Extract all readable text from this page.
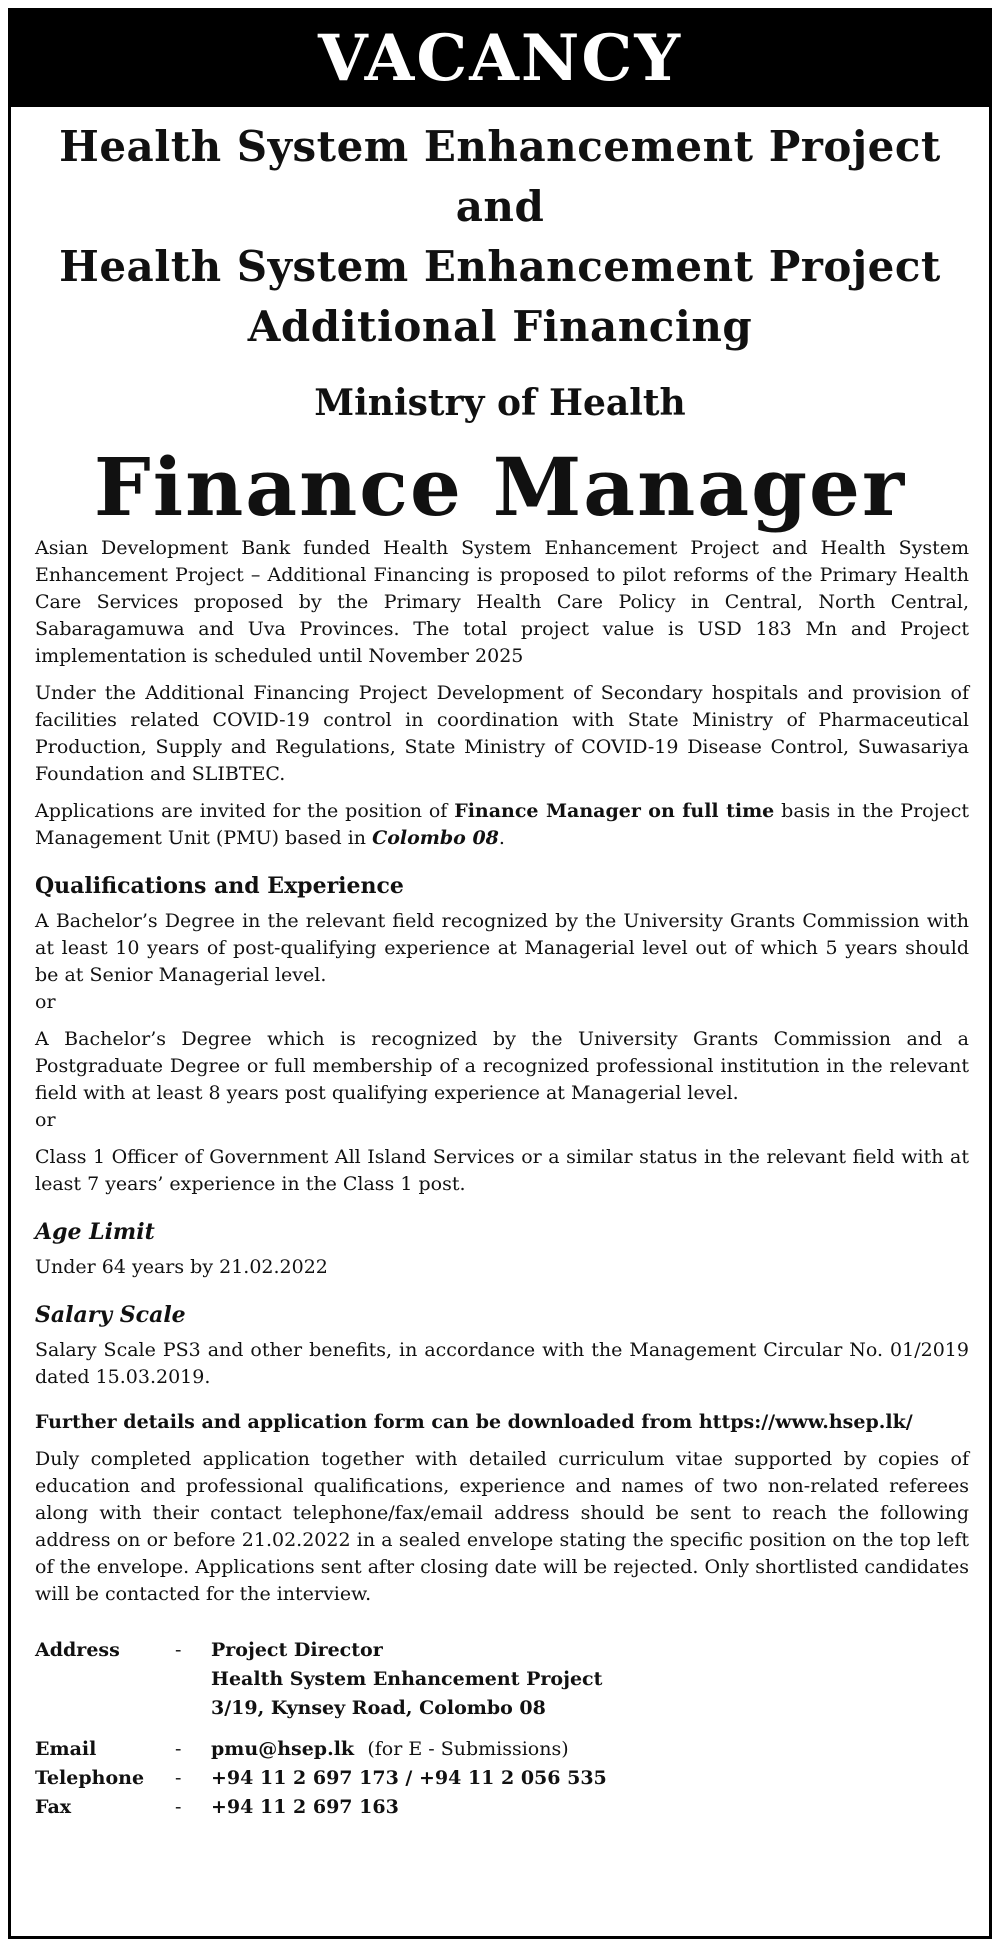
VACANCY
Health System Enhancement Project
and
Health System Enhancement Project
Additional Financing
Ministry of Health
Finance Manager

Asian Development Bank funded Health System Enhancement Project and Health System Enhancement Project – Additional Financing is proposed to pilot reforms of the Primary Health Care Services proposed by the Primary Health Care Policy in Central, North Central, Sabaragamuwa and Uva Provinces. The total project value is USD 183 Mn and Project implementation is scheduled until November 2025

Under the Additional Financing Project Development of Secondary hospitals and provision of facilities related COVID-19 control in coordination with State Ministry of Pharmaceutical Production, Supply and Regulations, State Ministry of COVID-19 Disease Control, Suwasariya Foundation and SLIBTEC.

Applications are invited for the position of Finance Manager on full time basis in the Project Management Unit (PMU) based in Colombo 08.

Qualifications and Experience

A Bachelor’s Degree in the relevant field recognized by the University Grants Commission with at least 10 years of post-qualifying experience at Managerial level out of which 5 years should be at Senior Managerial level.

or

A Bachelor’s Degree which is recognized by the University Grants Commission and a Postgraduate Degree or full membership of a recognized professional institution in the relevant field with at least 8 years post qualifying experience at Managerial level.

or

Class 1 Officer of Government All Island Services or a similar status in the relevant field with at least 7 years’ experience in the Class 1 post.

Age Limit

Under 64 years by 21.02.2022

Salary Scale

Salary Scale PS3 and other benefits, in accordance with the Management Circular No. 01/2019 dated 15.03.2019.

Further details and application form can be downloaded from https://www.hsep.lk/

Duly completed application together with detailed curriculum vitae supported by copies of education and professional qualifications, experience and names of two non-related referees along with their contact telephone/fax/email address should be sent to reach the following address on or before 21.02.2022 in a sealed envelope stating the specific position on the top left of the envelope. Applications sent after closing date will be rejected. Only shortlisted candidates will be contacted for the interview.

Address	-	Project Director
Health System Enhancement Project
3/19, Kynsey Road, Colombo 08
Email	-	pmu@hsep.lk (for E - Submissions)
Telephone	-	+94 11 2 697 173 / +94 11 2 056 535
Fax	-	+94 11 2 697 163
